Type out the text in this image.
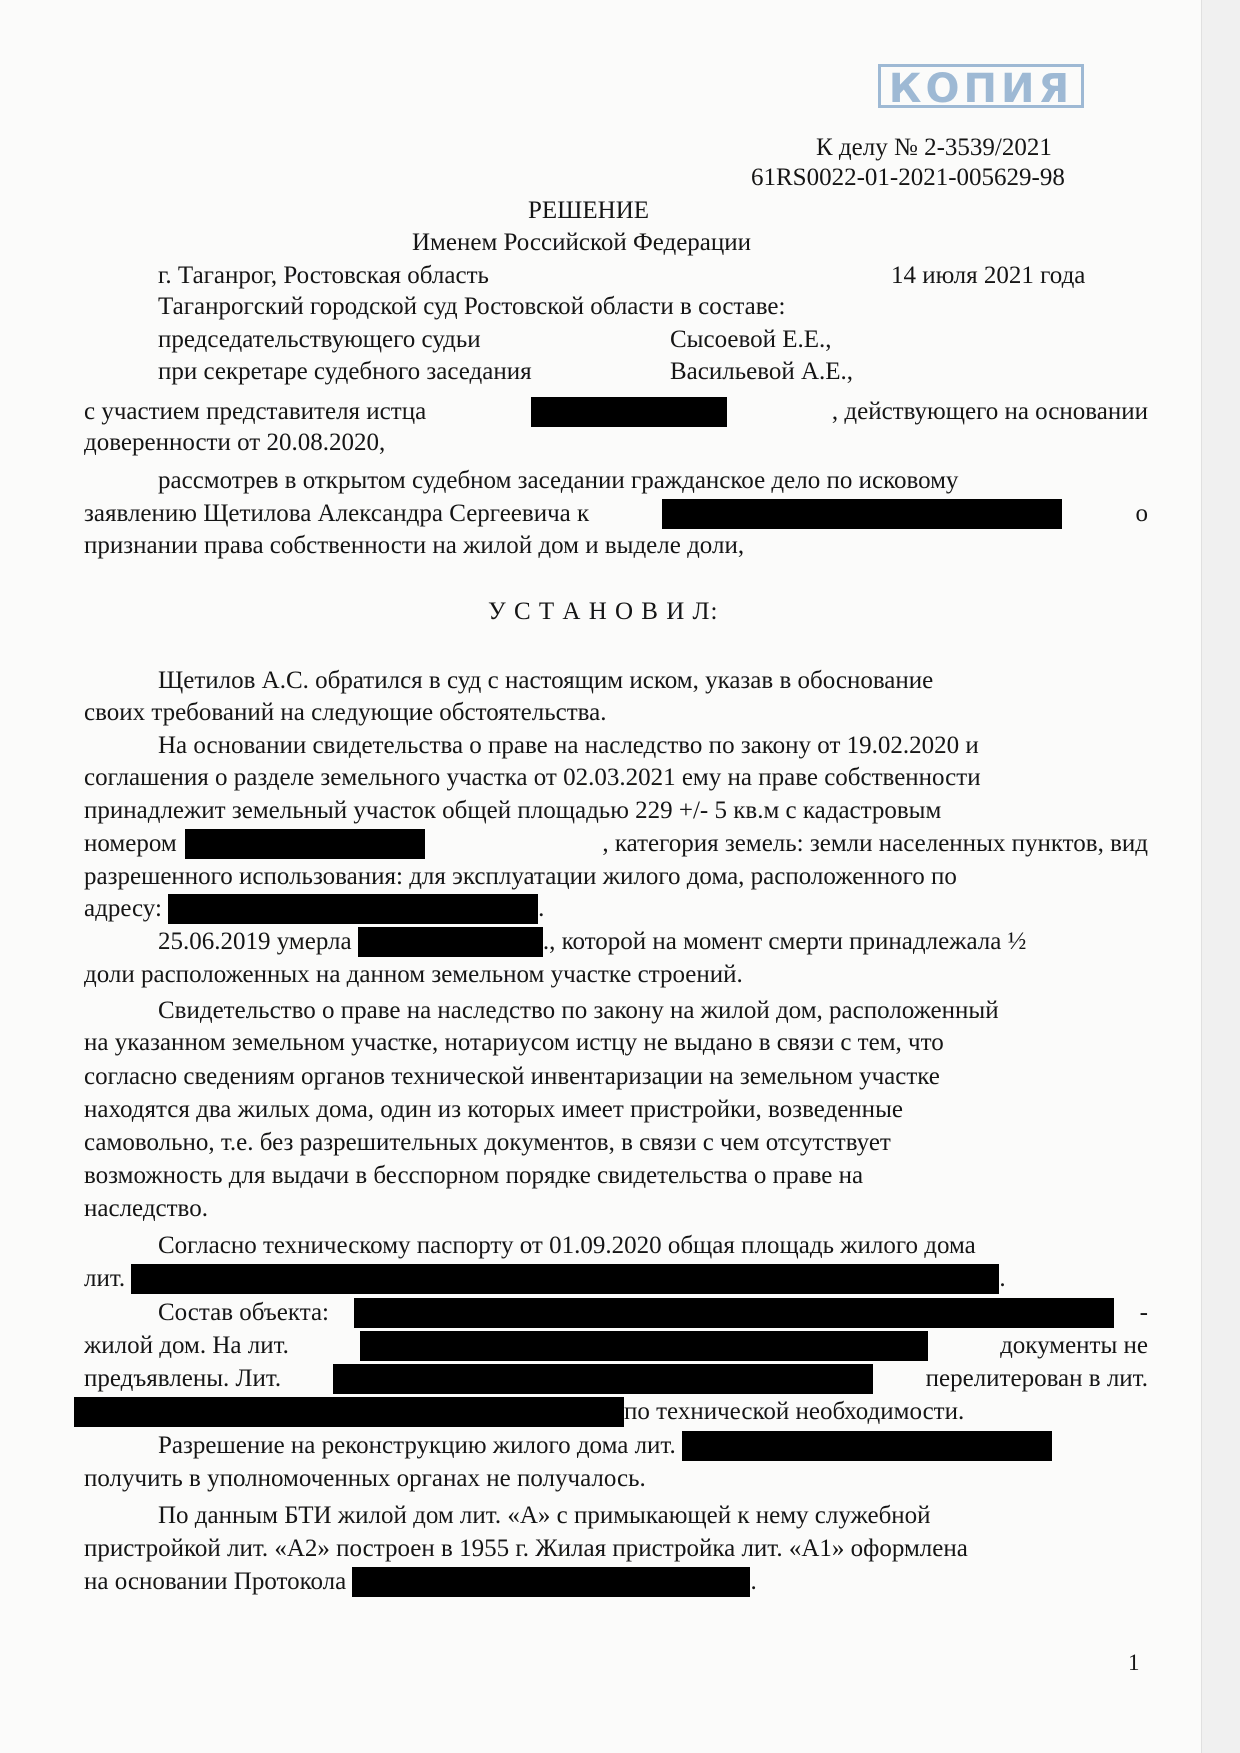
КОПИЯ
К делу № 2-3539/2021
61RS0022-01-2021-005629-98
РЕШЕНИЕ
Именем Российской Федерации
г. Таганрог, Ростовская область	14 июля 2021 года
Таганрогский городской суд Ростовской области в составе:
председательствующего судьи	Сысоевой Е.Е.,
при секретаре судебного заседания	Васильевой А.Е.,
с участием представителя истца	, действующего на основании
доверенности от 20.08.2020,
рассмотрев в открытом судебном заседании гражданское дело по исковому
заявлению Щетилова Александра Сергеевича к	о
признании права собственности на жилой дом и выделе доли,
У С Т А Н О В И Л:
Щетилов А.С. обратился в суд с настоящим иском, указав в обоснование
своих требований на следующие обстоятельства.
На основании свидетельства о праве на наследство по закону от 19.02.2020 и
соглашения о разделе земельного участка от 02.03.2021 ему на праве собственности
принадлежит земельный участок общей площадью 229 +/- 5 кв.м с кадастровым
номером	, категория земель: земли населенных пунктов, вид
разрешенного использования: для эксплуатации жилого дома, расположенного по
адресу:	.
25.06.2019 умерла	., которой на момент смерти принадлежала ½
доли расположенных на данном земельном участке строений.
Свидетельство о праве на наследство по закону на жилой дом, расположенный
на указанном земельном участке, нотариусом истцу не выдано в связи с тем, что
согласно сведениям органов технической инвентаризации на земельном участке
находятся два жилых дома, один из которых имеет пристройки, возведенные
самовольно, т.е. без разрешительных документов, в связи с чем отсутствует
возможность для выдачи в бесспорном порядке свидетельства о праве на
наследство.
Согласно техническому паспорту от 01.09.2020 общая площадь жилого дома
лит.	.
Состав объекта:	-
жилой дом. На лит.	документы не
предъявлены. Лит.	перелитерован в лит.
по технической необходимости.
Разрешение на реконструкцию жилого дома лит.
получить в уполномоченных органах не получалось.
По данным БТИ жилой дом лит. «А» с примыкающей к нему служебной
пристройкой лит. «А2» построен в 1955 г. Жилая пристройка лит. «А1» оформлена
на основании Протокола	.
1
